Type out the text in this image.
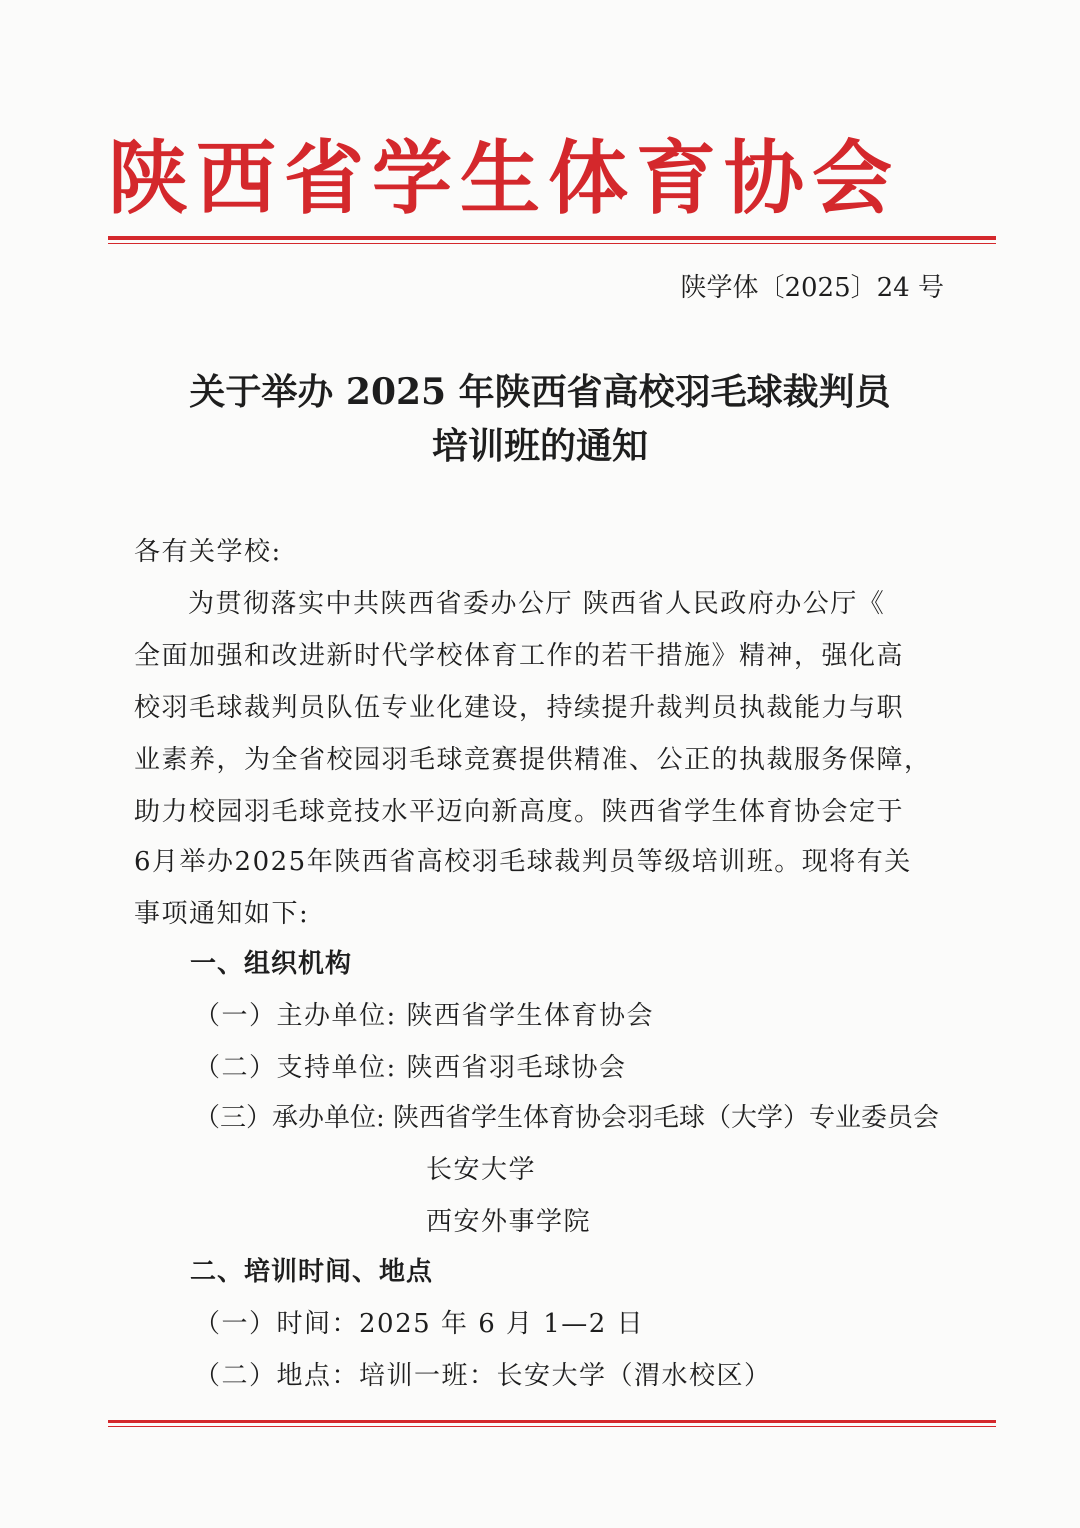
陕西省学生体育协会
陕学体〔2025〕24 号
关于举办 2025 年陕西省高校羽毛球裁判员
培训班的通知
各有关学校:
为贯彻落实中共陕西省委办公厅 陕西省人民政府办公厅《
全面加强和改进新时代学校体育工作的若干措施》精神，强化高
校羽毛球裁判员队伍专业化建设，持续提升裁判员执裁能力与职
业素养，为全省校园羽毛球竞赛提供精准、公正的执裁服务保障，
助力校园羽毛球竞技水平迈向新高度。陕西省学生体育协会定于
6月举办2025年陕西省高校羽毛球裁判员等级培训班。现将有关
事项通知如下:
一、组织机构
（一）主办单位: 陕西省学生体育协会
（二）支持单位: 陕西省羽毛球协会
（三）承办单位: 陕西省学生体育协会羽毛球（大学）专业委员会
长安大学
西安外事学院
二、培训时间、地点
（一）时间：2025 年 6 月 1—2 日
（二）地点：培训一班：长安大学（渭水校区）
